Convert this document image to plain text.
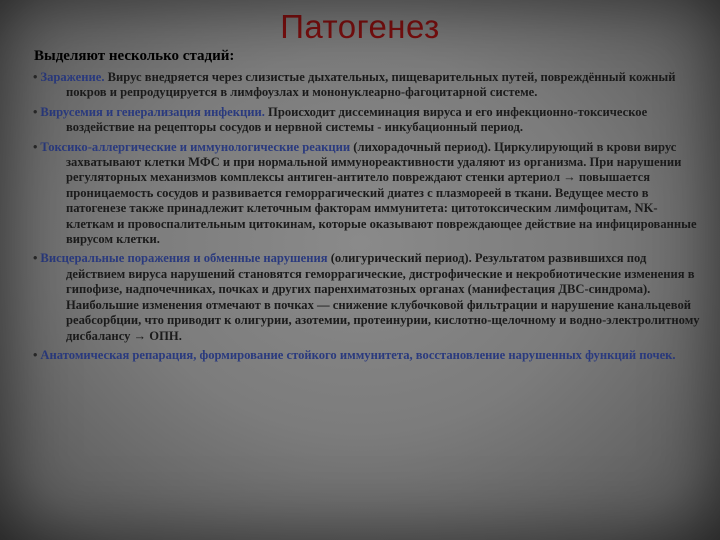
Патогенез
Выделяют несколько стадий:
• Заражение. Вирус внедряется через слизистые дыхательных, пищеварительных путей, повреждённый кожный покров и репродуцируется в лимфоузлах и мононуклеарно-фагоцитарной системе.
• Вирусемия и генерализация инфекции. Происходит диссеминация вируса и его инфекционно-токсическое воздействие на рецепторы сосудов и нервной системы - инкубационный период.
• Токсико-аллергические и иммунологические реакции (лихорадочный период). Циркулирующий в крови вирус захватывают клетки МФС и при нормальной иммунореактивности удаляют из организма. При нарушении регуляторных механизмов комплексы антиген-антитело повреждают стенки артериол → повышается проницаемость сосудов и развивается геморрагический диатез с плазмореей в ткани. Ведущее место в патогенезе также принадлежит клеточным факторам иммунитета: цитотоксическим лимфоцитам, NK-клеткам и провоспалительным цитокинам, которые оказывают повреждающее действие на инфицированные вирусом клетки.
• Висцеральные поражения и обменные нарушения (олигурический период). Результатом развившихся под действием вируса нарушений становятся геморрагические, дистрофические и некробиотические изменения в гипофизе, надпочечниках, почках и других паренхиматозных органах (манифестация ДВС-синдрома). Наибольшие изменения отмечают в почках — снижение клубочковой фильтрации и нарушение канальцевой реабсорбции, что приводит к олигурии, азотемии, протеинурии, кислотно-щелочному и водно-электролитному дисбалансу → ОПН.
• Анатомическая репарация, формирование стойкого иммунитета, восстановление нарушенных функций почек.
